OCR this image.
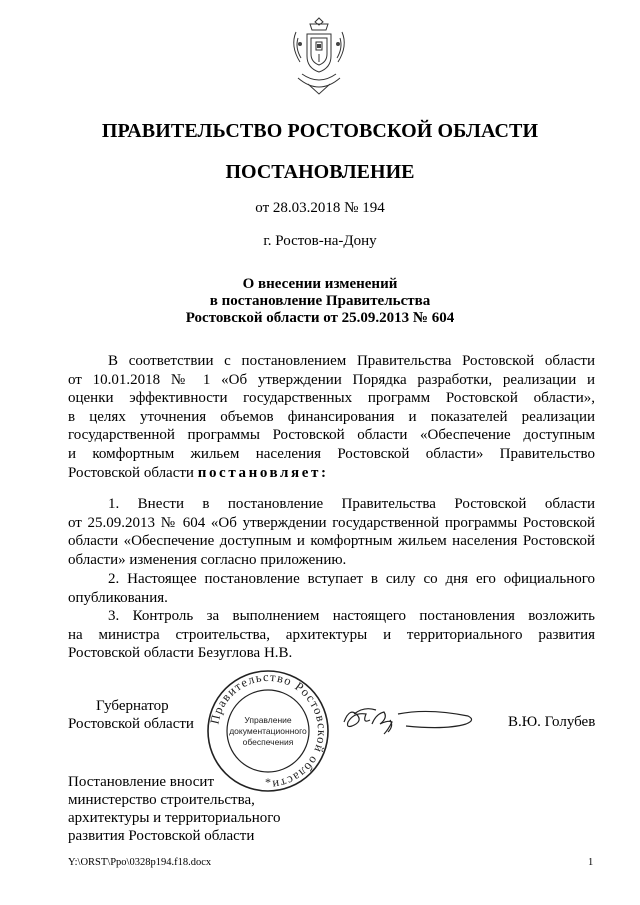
ПРАВИТЕЛЬСТВО РОСТОВСКОЙ ОБЛАСТИ
ПОСТАНОВЛЕНИЕ
от 28.03.2018 № 194
г. Ростов-на-Дону
О внесении изменений
в постановление Правительства
Ростовской области от 25.09.2013 № 604
В соответствии с постановлением Правительства Ростовской области
от 10.01.2018 № 1 «Об утверждении Порядка разработки, реализации и
оценки эффективности государственных программ Ростовской области»,
в целях уточнения объемов финансирования и показателей реализации
государственной программы Ростовской области «Обеспечение доступным
и комфортным жильем населения Ростовской области» Правительство
Ростовской области постановляет:
1. Внести в постановление Правительства Ростовской области
от 25.09.2013 № 604 «Об утверждении государственной программы Ростовской
области «Обеспечение доступным и комфортным жильем населения Ростовской
области» изменения согласно приложению.
2. Настоящее постановление вступает в силу со дня его официального
опубликования.
3. Контроль за выполнением настоящего постановления возложить
на министра строительства, архитектуры и территориального развития
Ростовской области Безуглова Н.В.
Губернатор
Ростовской области Правительство Ростовской области
Управление
документационного
обеспечения
*
В.Ю. Голубев
Постановление вносит
министерство строительства,
архитектуры и территориального
развития Ростовской области
Y:\ORST\Ppo\0328p194.f18.docx	1
